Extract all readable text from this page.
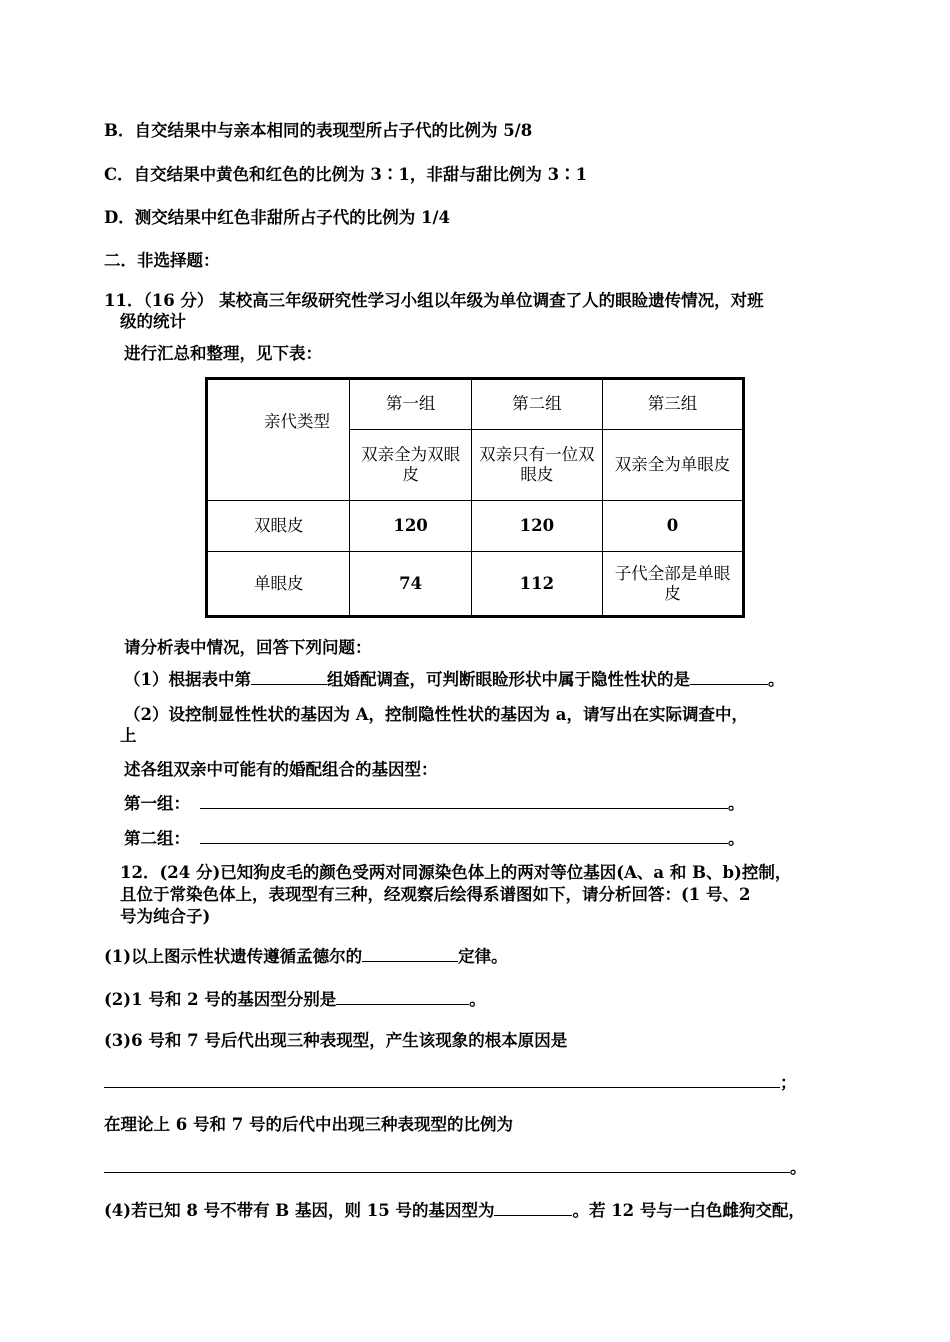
B．自交结果中与亲本相同的表现型所占子代的比例为 5/8
C．自交结果中黄色和红色的比例为 3∶1，非甜与甜比例为 3∶1
D．测交结果中红色非甜所占子代的比例为 1/4
二．非选择题：
11．（16 分） 某校高三年级研究性学习小组以年级为单位调查了人的眼睑遗传情况，对班
级的统计
进行汇总和整理，见下表：
亲代类型	第一组	第二组	第三组
	双亲全为双眼皮	双亲只有一位双眼皮	双亲全为单眼皮
双眼皮	120	120	0
单眼皮	74	112	子代全部是单眼皮
请分析表中情况，回答下列问题：
（1）根据表中第	组婚配调查，可判断眼睑形状中属于隐性性状的是	。
（2）设控制显性性状的基因为 A，控制隐性性状的基因为 a，请写出在实际调查中，
上
述各组双亲中可能有的婚配组合的基因型：
第一组：	。
第二组：	。
12．(24 分)已知狗皮毛的颜色受两对同源染色体上的两对等位基因(A、a 和 B、b)控制，
且位于常染色体上，表现型有三种，经观察后绘得系谱图如下，请分析回答：(1 号、2
号为纯合子)
(1)以上图示性状遗传遵循孟德尔的	定律。
(2)1 号和 2 号的基因型分别是	。
(3)6 号和 7 号后代出现三种表现型，产生该现象的根本原因是
；
在理论上 6 号和 7 号的后代中出现三种表现型的比例为
。
(4)若已知 8 号不带有 B 基因，则 15 号的基因型为	。若 12 号与一白色雌狗交配，
